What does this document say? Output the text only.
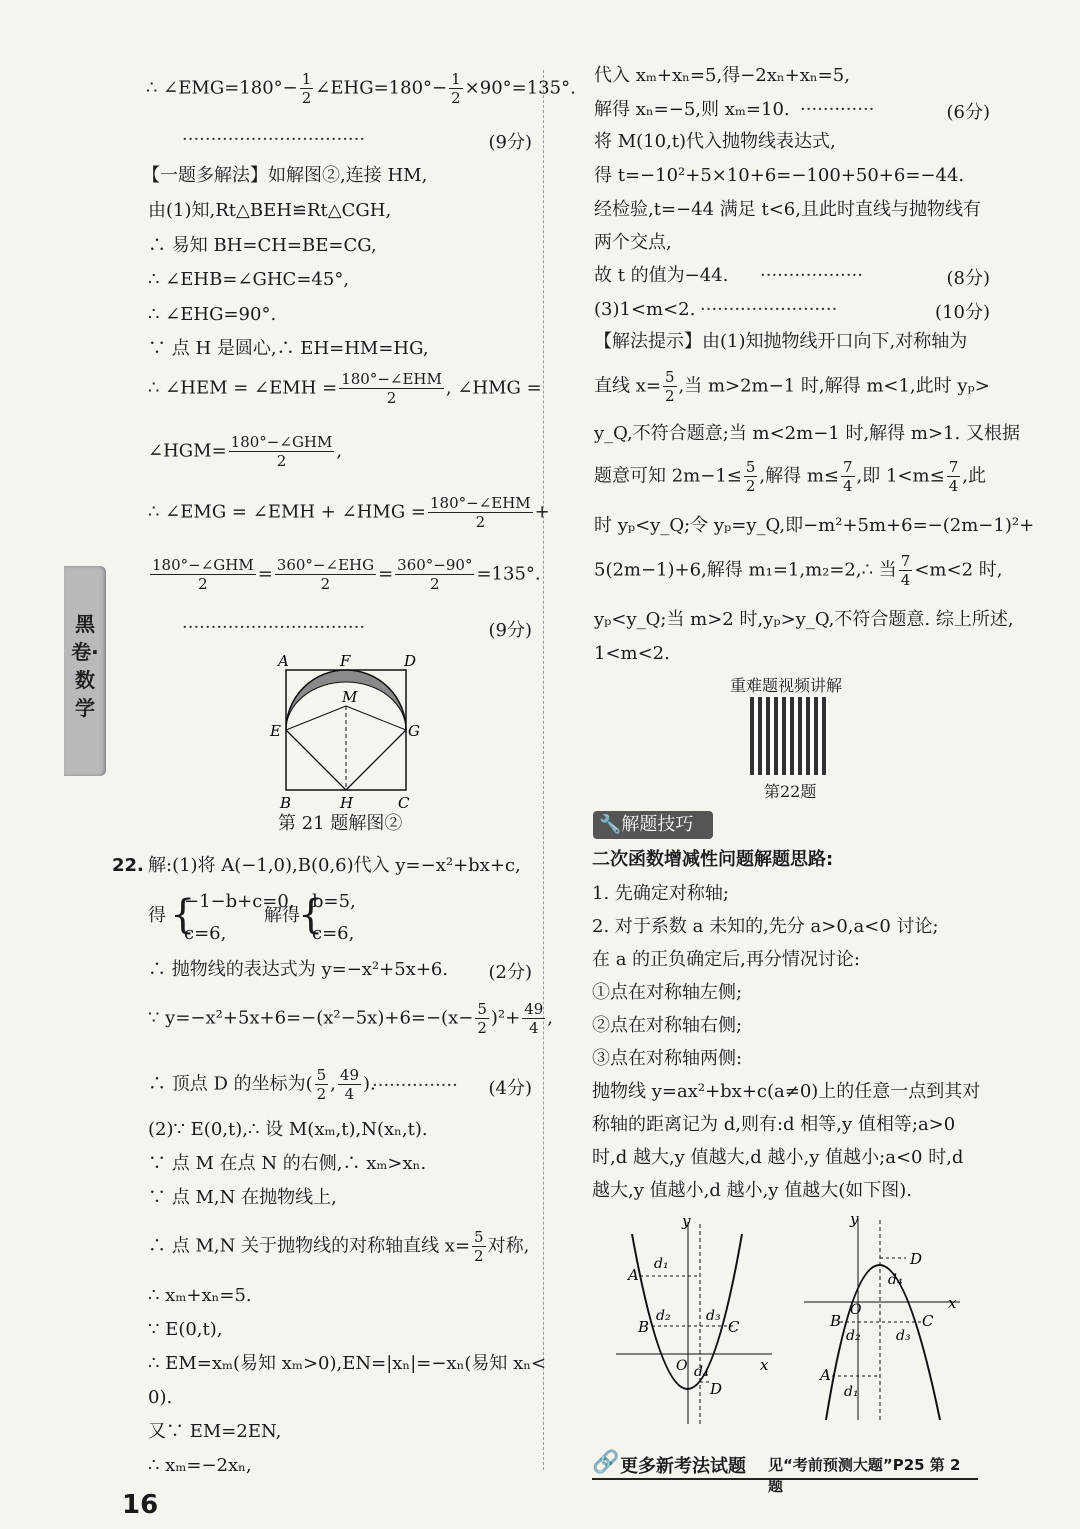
黑卷·数学
16
∴ ∠EMG=180°− $\frac{1}{2}$ ∠EHG=180°− $\frac{1}{2} \times 90^\circ=135^\circ$.
································	(9分)
【一题多解法】如解图②,连接 HM,
由(1)知,Rt△BEH≌Rt△CGH,
∴ 易知 BH=CH=BE=CG,
∴ ∠EHB=∠GHC=45°,
∴ ∠EHG=90°.
∵ 点 H 是圆心,∴ EH=HM=HG,
∴ ∠HEM = ∠EMH = $\frac{\text{180°−∠EHM}}{2}$ , ∠HMG =
∠HGM= $\frac{\text{180°−∠GHM}}{2}$ ,
∴ ∠EMG = ∠EMH + ∠HMG = $\frac{\text{180°−∠EHM}}{2}$ +
$\frac{\text{180°−∠GHM}}{2} = \frac{\text{360°−∠EHG}}{2} = \frac{360^\circ-90^\circ}{2} =135^\circ$.
································	(9分)
A	F	D
M
E	G
B	H	C
第 21 题解图②
22. 解:(1)将 A(−1,0),B(0,6)代入 y=−x²+bx+c,
得 {
−1−b+c=0,
c=6,
解得
{
b=5,
c=6,
∴ 抛物线的表达式为 y=−x²+5x+6. (2分)
∵ $y=-x^2+5x+6=-(x^2-5x)+6=-(x- \frac{5}{2} )^2+ \frac{49}{4}$ ,
∴ 顶点 D 的坐标为( $\frac{5}{2}$ , $\frac{49}{4}$ ).
··············· (4分)
(2)∵ E(0,t),∴ 设 M(xₘ,t),N(xₙ,t).
∵ 点 M 在点 N 的右侧,∴ xₘ>xₙ.
∵ 点 M,N 在抛物线上,
∴ 点 M,N 关于抛物线的对称轴直线 $x= \frac{5}{2}$ 对称,
∴ xₘ+xₙ=5.
∵ E(0,t),
∴ EM=xₘ(易知 xₘ>0),EN=|xₙ|=−xₙ(易知 xₙ<
0).
又∵ EM=2EN,
∴ xₘ=−2xₙ,
代入 xₘ+xₙ=5,得−2xₙ+xₙ=5,
解得 xₙ=−5,则 xₘ=10. ·············	(6分)
将 M(10,t)代入抛物线表达式,
得 t=−10²+5×10+6=−100+50+6=−44.
经检验,t=−44 满足 t<6,且此时直线与抛物线有
两个交点,
故 t 的值为−44. ··················	(8分)
(3)1<m<2. ························	(10分)
【解法提示】由(1)知抛物线开口向下,对称轴为
直线 $x= \frac{5}{2}$ ,当 m>2m−1 时,解得 m<1,此时 yₚ>
y_Q,不符合题意;当 m<2m−1 时,解得 m>1. 又根据
题意可知 $2m-1\le \frac{5}{2}$ ,解得 $m\le \frac{7}{4}$ ,即 $1<m\le \frac{7}{4}$ ,此
时 yₚ<y_Q;令 yₚ=y_Q,即−m²+5m+6=−(2m−1)²+
5(2m−1)+6,解得 m₁=1,m₂=2,∴ 当 $\frac{7}{4} <m<2$ 时,
yₚ<y_Q;当 m>2 时,yₚ>y_Q,不符合题意. 综上所述,
1<m<2.
重难题视频讲解
第22题
🔧解题技巧
二次函数增减性问题解题思路:
1. 先确定对称轴;
2. 对于系数 a 未知的,先分 a>0,a<0 讨论;
在 a 的正负确定后,再分情况讨论:
①点在对称轴左侧;
②点在对称轴右侧;
③点在对称轴两侧:
抛物线 y=ax²+bx+c(a≠0)上的任意一点到其对
称轴的距离记为 d,则有:d 相等,y 值相等;a>0
时,d 越大,y 值越大,d 越小,y 值越小;a<0 时,d
越大,y 值越小,d 越小,y 值越大(如下图).
y
x
O
A
B	C
D
d₁
d₂	d₃
d₄
y
x
O
A
B	C
D
d₄
d₂	d₃
d₁
🔗 更多新考法试题 见“考前预测大题”P25 第 2 题
